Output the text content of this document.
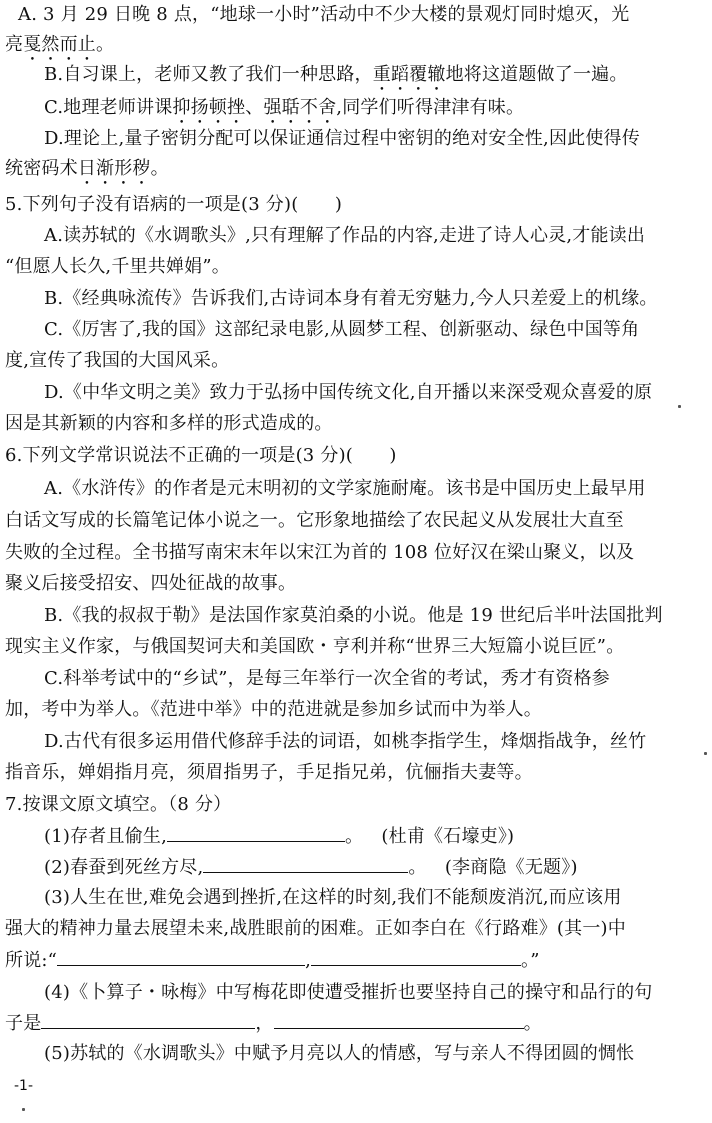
A. 3 月 29 日晚 8 点，“地球一小时”活动中不少大楼的景观灯同时熄灭，光
亮戛然而止。
B.自习课上，老师又教了我们一种思路，重蹈覆辙地将这道题做了一遍。
C.地理老师讲课抑扬顿挫、强聒不舍,同学们听得津津有味。
D.理论上,量子密钥分配可以保证通信过程中密钥的绝对安全性,因此使得传
统密码术日渐形秽。
5.下列句子没有语病的一项是(3 分)(  )
A.读苏轼的《水调歌头》,只有理解了作品的内容,走进了诗人心灵,才能读出
“但愿人长久,千里共婵娟”。
B.《经典咏流传》告诉我们,古诗词本身有着无穷魅力,今人只差爱上的机缘。
C.《厉害了,我的国》这部纪录电影,从圆梦工程、创新驱动、绿色中国等角
度,宣传了我国的大国风采。
D.《中华文明之美》致力于弘扬中国传统文化,自开播以来深受观众喜爱的原
因是其新颖的内容和多样的形式造成的。
6.下列文学常识说法不正确的一项是(3 分)(  )
A.《水浒传》的作者是元末明初的文学家施耐庵。该书是中国历史上最早用
白话文写成的长篇笔记体小说之一。它形象地描绘了农民起义从发展壮大直至
失败的全过程。全书描写南宋末年以宋江为首的 108 位好汉在梁山聚义，以及
聚义后接受招安、四处征战的故事。
B.《我的叔叔于勒》是法国作家莫泊桑的小说。他是 19 世纪后半叶法国批判
现实主义作家，与俄国契诃夫和美国欧・亨利并称“世界三大短篇小说巨匠”。
C.科举考试中的“乡试”，是每三年举行一次全省的考试，秀才有资格参
加，考中为举人。《范进中举》中的范进就是参加乡试而中为举人。
D.古代有很多运用借代修辞手法的词语，如桃李指学生，烽烟指战争，丝竹
指音乐，婵娟指月亮，须眉指男子，手足指兄弟，伉俪指夫妻等。
7.按课文原文填空。（8 分）
(1)存者且偷生,	。 (杜甫《石壕吏》)
(2)春蚕到死丝方尽,	。 (李商隐《无题》)
(3)人生在世,难免会遇到挫折,在这样的时刻,我们不能颓废消沉,而应该用
强大的精神力量去展望未来,战胜眼前的困难。正如李白在《行路难》(其一)中
所说:“	,	。”
(4)《卜算子・咏梅》中写梅花即使遭受摧折也要坚持自己的操守和品行的句
子是	，	。
(5)苏轼的《水调歌头》中赋予月亮以人的情感，写与亲人不得团圆的惆怅
-1-
